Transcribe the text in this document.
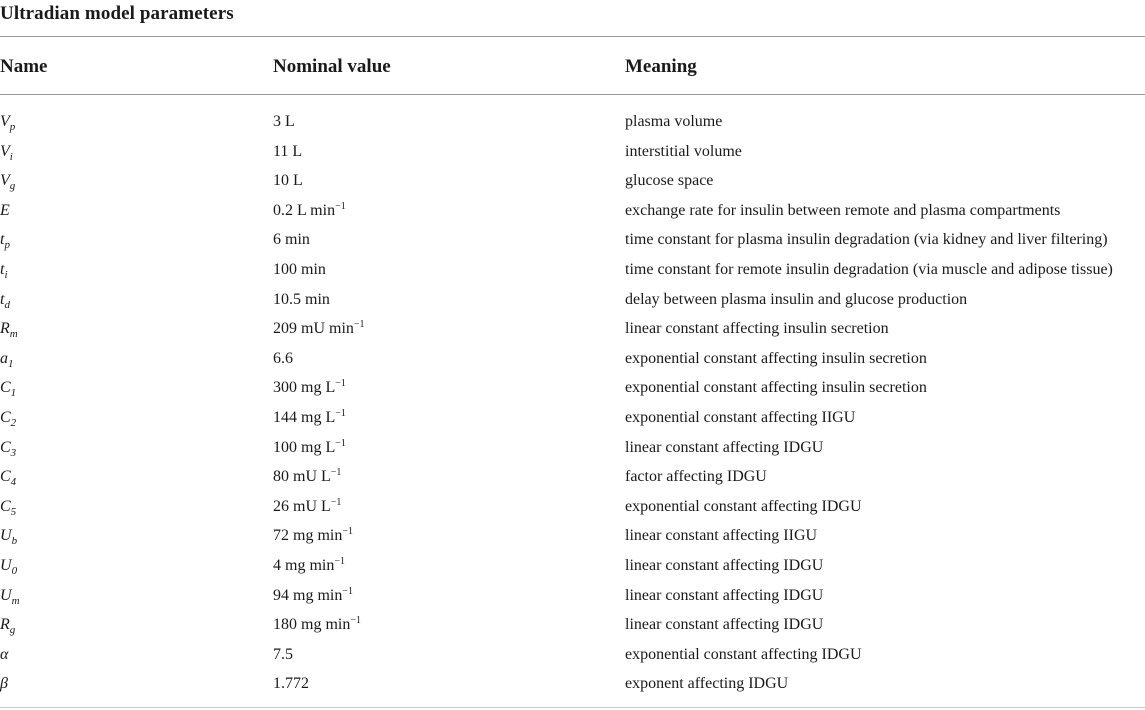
Ultradian model parameters
Name	Nominal value	Meaning
$V_p$	3 L	plasma volume
$V_i$	11 L	interstitial volume
$V_g$	10 L	glucose space
E	0.2 L $\min^{-1}$	exchange rate for insulin between remote and plasma compartments
$t_p$	6 min	time constant for plasma insulin degradation (via kidney and liver filtering)
$t_i$	100 min	time constant for remote insulin degradation (via muscle and adipose tissue)
$t_d$	10.5 min	delay between plasma insulin and glucose production
$R_m$	209 mU $\min^{-1}$	linear constant affecting insulin secretion
$a_1$	6.6	exponential constant affecting insulin secretion
$C_1$	300 mg $L^{-1}$	exponential constant affecting insulin secretion
$C_2$	144 mg $L^{-1}$	exponential constant affecting IIGU
$C_3$	100 mg $L^{-1}$	linear constant affecting IDGU
$C_4$	80 mU $L^{-1}$	factor affecting IDGU
$C_5$	26 mU $L^{-1}$	exponential constant affecting IDGU
$U_b$	72 mg $\min^{-1}$	linear constant affecting IIGU
$U_0$	4 mg $\min^{-1}$	linear constant affecting IDGU
$U_m$	94 mg $\min^{-1}$	linear constant affecting IDGU
$R_g$	180 mg $\min^{-1}$	linear constant affecting IDGU
α	7.5	exponential constant affecting IDGU
β	1.772	exponent affecting IDGU
